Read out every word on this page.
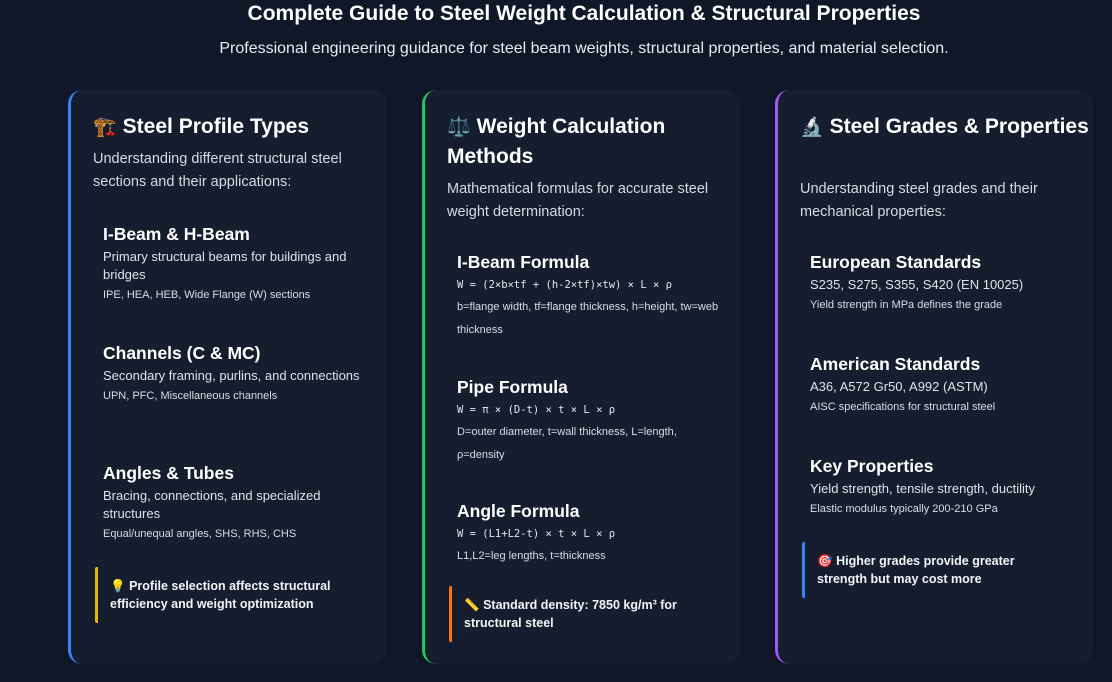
Complete Guide to Steel Weight Calculation & Structural Properties
Professional engineering guidance for steel beam weights, structural properties, and material selection.
🏗️ Steel Profile Types
Understanding different structural steel sections and their applications:
I-Beam & H-Beam
Primary structural beams for buildings and bridges
IPE, HEA, HEB, Wide Flange (W) sections
Channels (C & MC)
Secondary framing, purlins, and connections
UPN, PFC, Miscellaneous channels
Angles & Tubes
Bracing, connections, and specialized structures
Equal/unequal angles, SHS, RHS, CHS
💡 Profile selection affects structural efficiency and weight optimization
⚖️ Weight Calculation Methods
Mathematical formulas for accurate steel weight determination:
I-Beam Formula
W = (2×b×tf + (h-2×tf)×tw) × L × ρ
b=flange width, tf=flange thickness, h=height, tw=web thickness
Pipe Formula
W = π × (D-t) × t × L × ρ
D=outer diameter, t=wall thickness, L=length, ρ=density
Angle Formula
W = (L1+L2-t) × t × L × ρ
L1,L2=leg lengths, t=thickness
📏 Standard density: 7850 kg/m³ for structural steel
🔬 Steel Grades & Properties
Understanding steel grades and their mechanical properties:
European Standards
S235, S275, S355, S420 (EN 10025)
Yield strength in MPa defines the grade
American Standards
A36, A572 Gr50, A992 (ASTM)
AISC specifications for structural steel
Key Properties
Yield strength, tensile strength, ductility
Elastic modulus typically 200-210 GPa
🎯 Higher grades provide greater strength but may cost more
